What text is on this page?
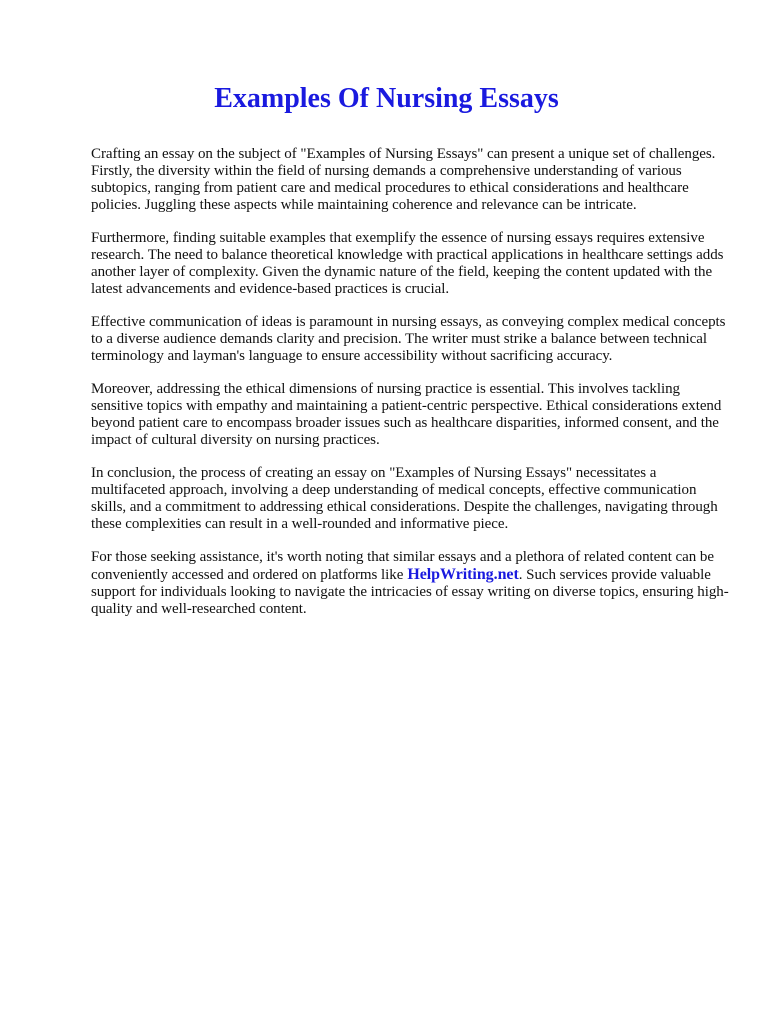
Examples Of Nursing Essays

Crafting an essay on the subject of "Examples of Nursing Essays" can present a unique set of challenges. Firstly, the diversity within the field of nursing demands a comprehensive understanding of various subtopics, ranging from patient care and medical procedures to ethical considerations and healthcare policies. Juggling these aspects while maintaining coherence and relevance can be intricate.

Furthermore, finding suitable examples that exemplify the essence of nursing essays requires extensive research. The need to balance theoretical knowledge with practical applications in healthcare settings adds another layer of complexity. Given the dynamic nature of the field, keeping the content updated with the latest advancements and evidence-based practices is crucial.

Effective communication of ideas is paramount in nursing essays, as conveying complex medical concepts to a diverse audience demands clarity and precision. The writer must strike a balance between technical terminology and layman's language to ensure accessibility without sacrificing accuracy.

Moreover, addressing the ethical dimensions of nursing practice is essential. This involves tackling sensitive topics with empathy and maintaining a patient-centric perspective. Ethical considerations extend beyond patient care to encompass broader issues such as healthcare disparities, informed consent, and the impact of cultural diversity on nursing practices.

In conclusion, the process of creating an essay on "Examples of Nursing Essays" necessitates a multifaceted approach, involving a deep understanding of medical concepts, effective communication skills, and a commitment to addressing ethical considerations. Despite the challenges, navigating through these complexities can result in a well-rounded and informative piece.

For those seeking assistance, it's worth noting that similar essays and a plethora of related content can be conveniently accessed and ordered on platforms like HelpWriting.net. Such services provide valuable support for individuals looking to navigate the intricacies of essay writing on diverse topics, ensuring high-quality and well-researched content.
